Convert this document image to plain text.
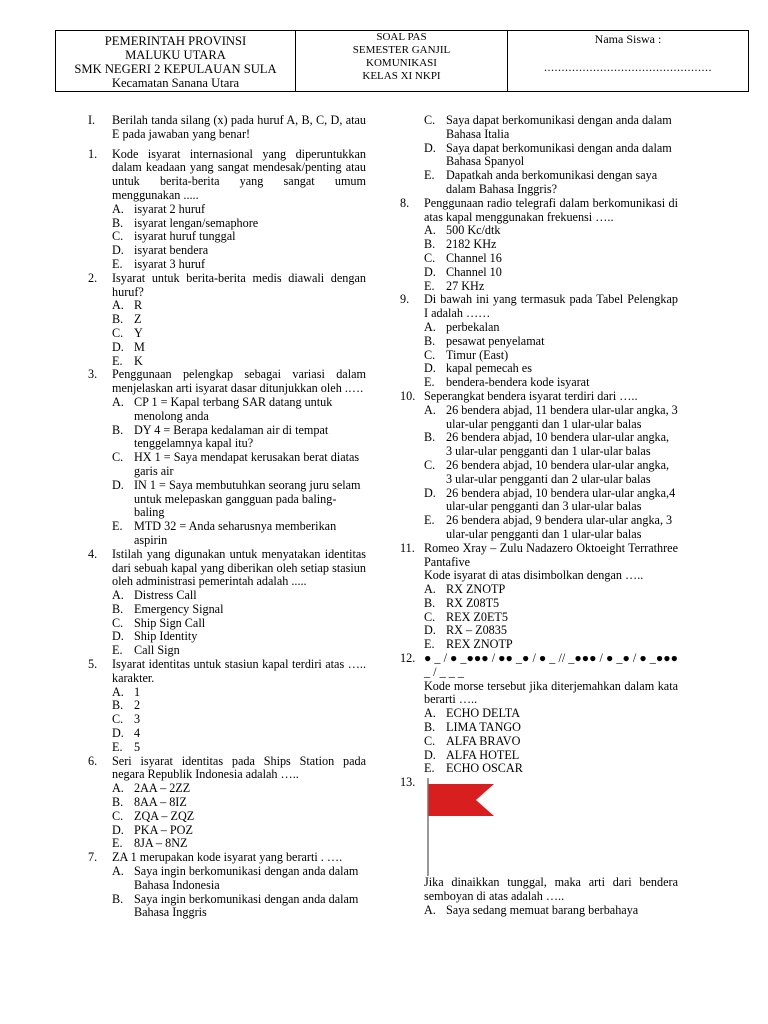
PEMERINTAH PROVINSI
MALUKU UTARA
SMK NEGERI 2 KEPULAUAN SULA
Kecamatan Sanana Utara
SOAL PAS
SEMESTER GANJIL
KOMUNIKASI
KELAS XI NKPI
Nama Siswa :
................................................
I. Berilah tanda silang (x) pada huruf A, B, C, D, atau E pada jawaban yang benar!
1. Kode isyarat internasional yang diperuntukkan dalam keadaan yang sangat mendesak/penting atau untuk berita-berita yang sangat umum menggunakan .....
A. isyarat 2 huruf
B. isyarat lengan/semaphore
C. isyarat huruf tunggal
D. isyarat bendera
E. isyarat 3 huruf
2. Isyarat untuk berita-berita medis diawali dengan huruf?
A. R
B. Z
C. Y
D. M
E. K
3. Penggunaan pelengkap sebagai variasi dalam menjelaskan arti isyarat dasar ditunjukkan oleh .….
A. CP 1 = Kapal terbang SAR datang untuk menolong anda
B. DY 4 = Berapa kedalaman air di tempat tenggelamnya kapal itu?
C. HX 1 = Saya mendapat kerusakan berat diatas garis air
D. IN 1 = Saya membutuhkan seorang juru selam untuk melepaskan gangguan pada baling-baling
E. MTD 32 = Anda seharusnya memberikan aspirin
4. Istilah yang digunakan untuk menyatakan identitas dari sebuah kapal yang diberikan oleh setiap stasiun oleh administrasi pemerintah adalah .....
A. Distress Call
B. Emergency Signal
C. Ship Sign Call
D. Ship Identity
E. Call Sign
5. Isyarat identitas untuk stasiun kapal terdiri atas ….. karakter.
A. 1
B. 2
C. 3
D. 4
E. 5
6. Seri isyarat identitas pada Ships Station pada negara Republik Indonesia adalah …..
A. 2AA – 2ZZ
B. 8AA – 8IZ
C. ZQA – ZQZ
D. PKA – POZ
E. 8JA – 8NZ
7. ZA 1 merupakan kode isyarat yang berarti . ….
A. Saya ingin berkomunikasi dengan anda dalam Bahasa Indonesia
B. Saya ingin berkomunikasi dengan anda dalam Bahasa Inggris
C. Saya dapat berkomunikasi dengan anda dalam Bahasa Italia
D. Saya dapat berkomunikasi dengan anda dalam Bahasa Spanyol
E. Dapatkah anda berkomunikasi dengan saya dalam Bahasa Inggris?
8. Penggunaan radio telegrafi dalam berkomunikasi di atas kapal menggunakan frekuensi …..
A. 500 Kc/dtk
B. 2182 KHz
C. Channel 16
D. Channel 10
E. 27 KHz
9. Di bawah ini yang termasuk pada Tabel Pelengkap I adalah ……
A. perbekalan
B. pesawat penyelamat
C. Timur (East)
D. kapal pemecah es
E. bendera-bendera kode isyarat
10. Seperangkat bendera isyarat terdiri dari …..
A. 26 bendera abjad, 11 bendera ular-ular angka, 3 ular-ular pengganti dan 1 ular-ular balas
B. 26 bendera abjad, 10 bendera ular-ular angka, 3 ular-ular pengganti dan 1 ular-ular balas
C. 26 bendera abjad, 10 bendera ular-ular angka, 3 ular-ular pengganti dan 2 ular-ular balas
D. 26 bendera abjad, 10 bendera ular-ular angka,4 ular-ular pengganti dan 3 ular-ular balas
E. 26 bendera abjad, 9 bendera ular-ular angka, 3 ular-ular pengganti dan 1 ular-ular balas
11. Romeo Xray – Zulu Nadazero Oktoeight Terrathree Pantafive
Kode isyarat di atas disimbolkan dengan …..
A. RX ZNOTP
B. RX Z08T5
C. REX Z0ET5
D. RX – Z0835
E. REX ZNOTP
12. ● _ / ● _●●● / ●● _● / ● _ // _●●● / ● _● / ● _●●● _ / _ _ _
Kode morse tersebut jika diterjemahkan dalam kata berarti …..
A. ECHO DELTA
B. LIMA TANGO
C. ALFA BRAVO
D. ALFA HOTEL
E. ECHO OSCAR
13.
Jika dinaikkan tunggal, maka arti dari bendera semboyan di atas adalah …..
A. Saya sedang memuat barang berbahaya
